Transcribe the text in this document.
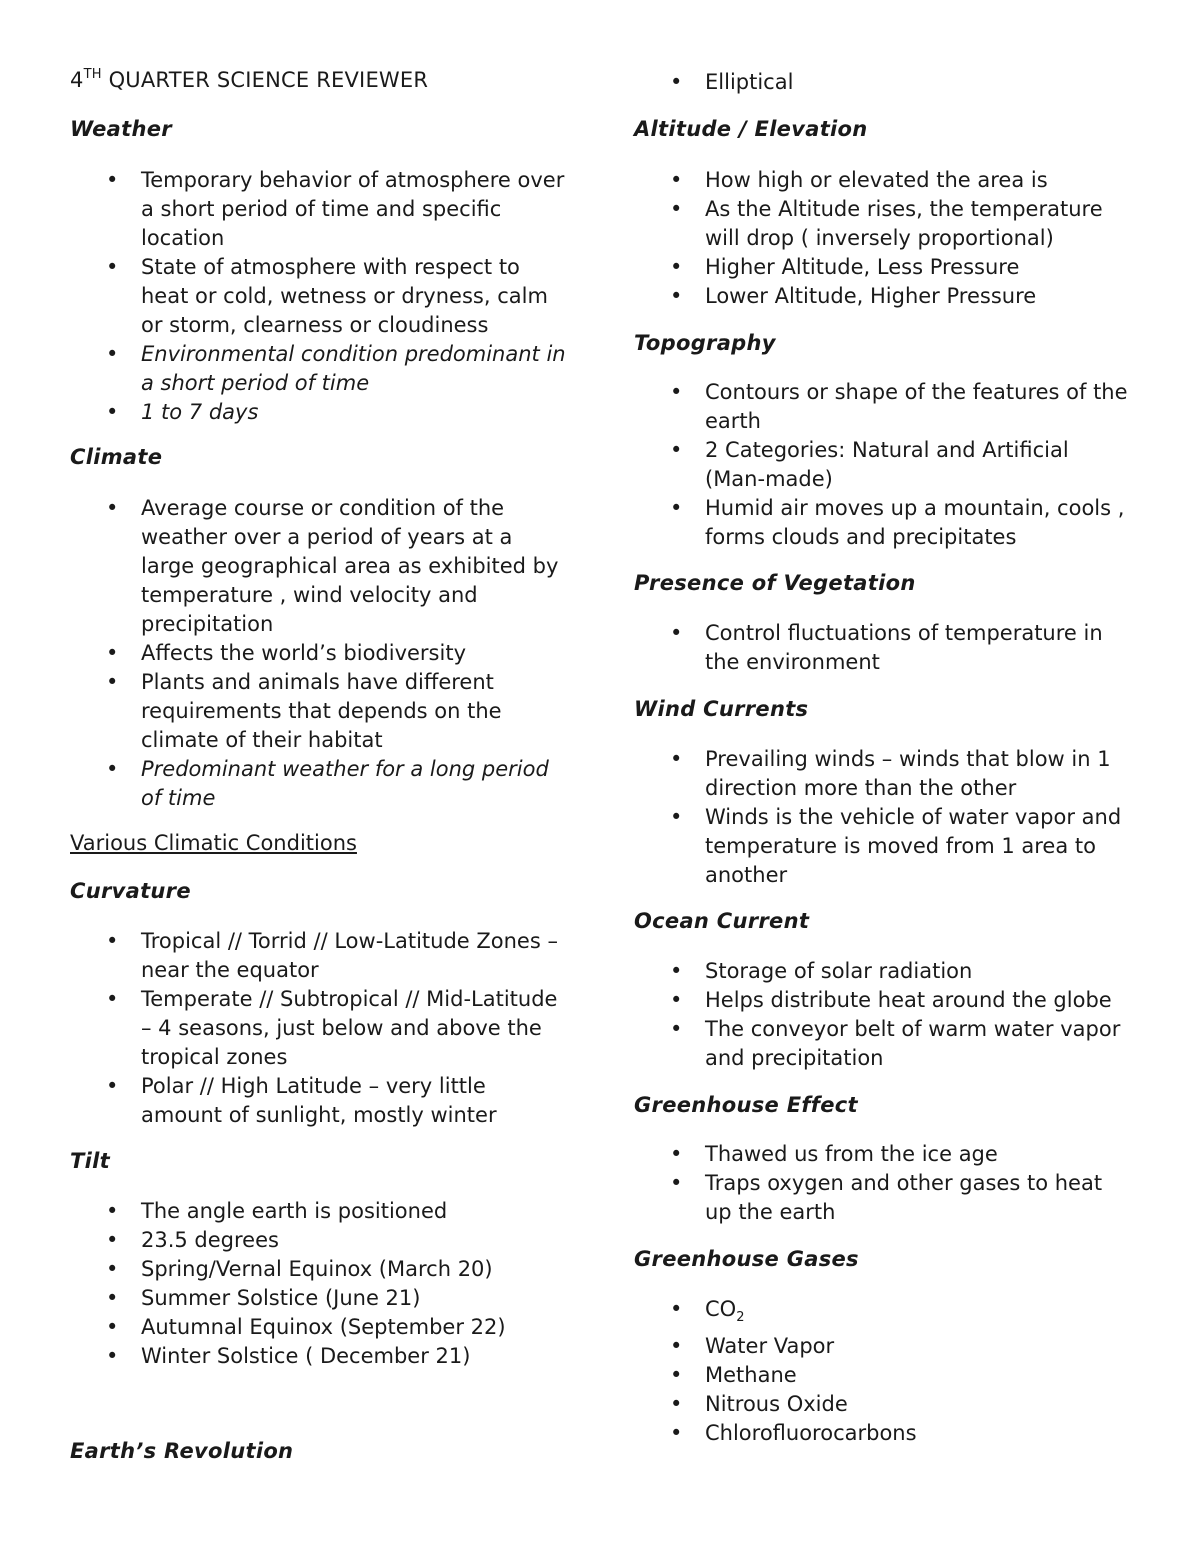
4TH QUARTER SCIENCE REVIEWER
Weather
• Temporary behavior of atmosphere over a short period of time and specific location
• State of atmosphere with respect to heat or cold, wetness or dryness, calm or storm, clearness or cloudiness
• Environmental condition predominant in a short period of time
• 1 to 7 days
Climate
• Average course or condition of the weather over a period of years at a large geographical area as exhibited by temperature , wind velocity and precipitation
• Affects the world’s biodiversity
• Plants and animals have different requirements that depends on the climate of their habitat
• Predominant weather for a long period of time
Various Climatic Conditions
Curvature
• Tropical // Torrid // Low-Latitude Zones – near the equator
• Temperate // Subtropical // Mid-Latitude – 4 seasons, just below and above the tropical zones
• Polar // High Latitude – very little amount of sunlight, mostly winter
Tilt
• The angle earth is positioned
• 23.5 degrees
• Spring/Vernal Equinox (March 20)
• Summer Solstice (June 21)
• Autumnal Equinox (September 22)
• Winter Solstice ( December 21)
Earth’s Revolution
• Elliptical
Altitude / Elevation
• How high or elevated the area is
• As the Altitude rises, the temperature will drop ( inversely proportional)
• Higher Altitude, Less Pressure
• Lower Altitude, Higher Pressure
Topography
• Contours or shape of the features of the earth
• 2 Categories: Natural and Artificial (Man-made)
• Humid air moves up a mountain, cools , forms clouds and precipitates
Presence of Vegetation
• Control fluctuations of temperature in the environment
Wind Currents
• Prevailing winds – winds that blow in 1 direction more than the other
• Winds is the vehicle of water vapor and temperature is moved from 1 area to another
Ocean Current
• Storage of solar radiation
• Helps distribute heat around the globe
• The conveyor belt of warm water vapor and precipitation
Greenhouse Effect
• Thawed us from the ice age
• Traps oxygen and other gases to heat up the earth
Greenhouse Gases
• $CO_2$
• Water Vapor
• Methane
• Nitrous Oxide
• Chlorofluorocarbons
